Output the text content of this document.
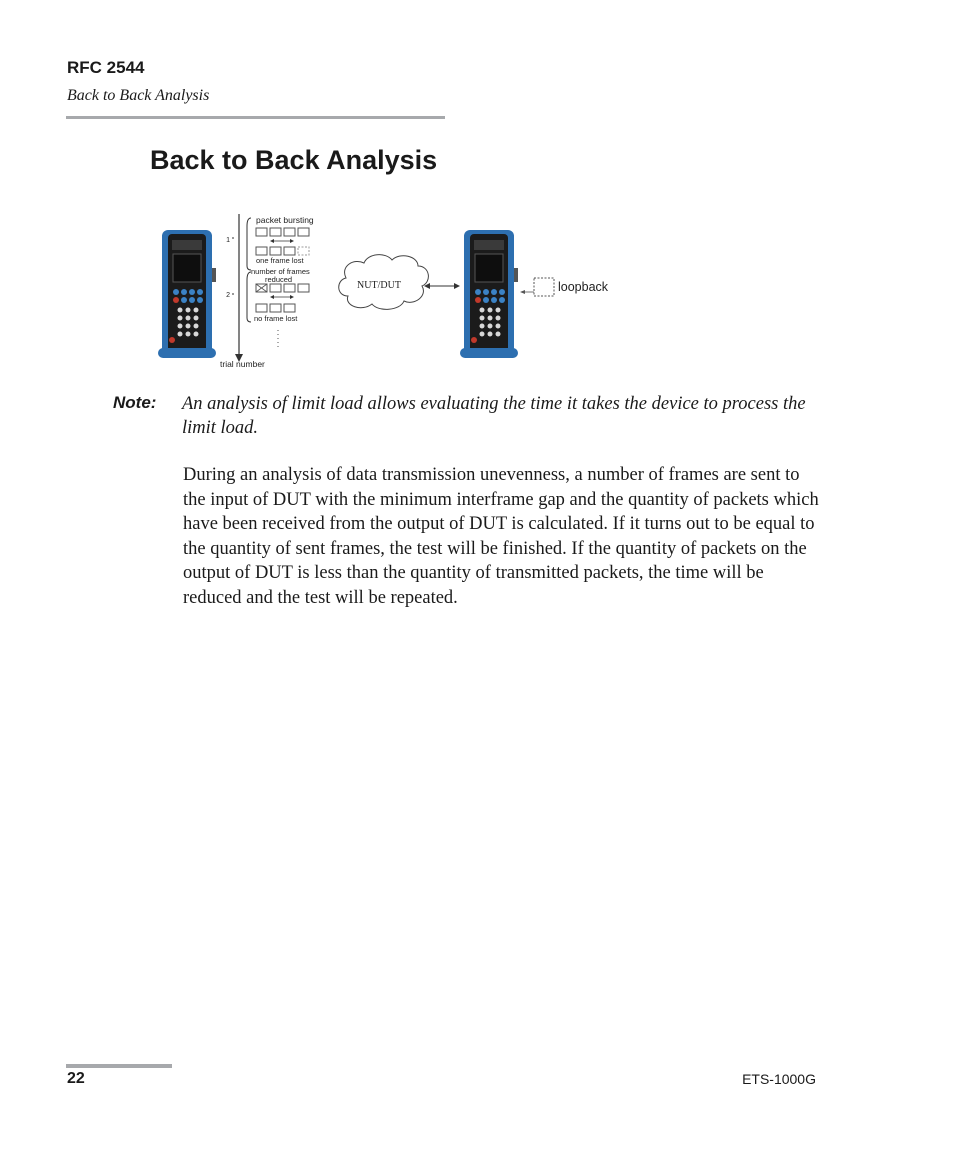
RFC 2544
Back to Back Analysis
Back to Back Analysis
1
2
packet bursting
one frame lost
number of frames
reduced
no frame lost
trial number
NUT/DUT	loopback
Note: An analysis of limit load allows evaluating the time it takes the device to process the limit load.

During an analysis of data transmission unevenness, a number of frames are sent to the input of DUT with the minimum interframe gap and the quantity of packets which have been received from the output of DUT is calculated. If it turns out to be equal to the quantity of sent frames, the test will be finished. If the quantity of packets on the output of DUT is less than the quantity of transmitted packets, the time will be reduced and the test will be repeated.

22	ETS-1000G
